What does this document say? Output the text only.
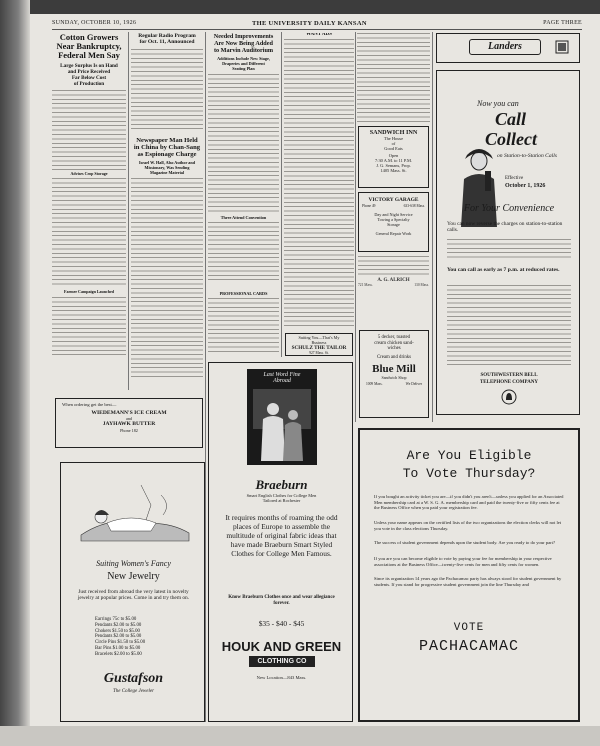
SUNDAY, OCTOBER 10, 1926	THE UNIVERSITY DAILY KANSAN	PAGE THREE
Cotton Growers
Near Bankruptcy,
Federal Men Say
Large Surplus Is on Hand
and Price Received
Far Below Cost
of Production
Advises Crop Storage
Farmer Campaign Launched
Regular Radio Program
for Oct. 11, Announced
Newspaper Man Held
in China by Chan-Sang
as Espionage Charge
Israel W. Hall, Also Author and
Missionary, Was Sending
Magazine Material
Needed Improvements
Are Now Being Added
to Marvin Auditorium
Additions Include New Stage,
Draperies and Different
Seating Plan
Three Attend Convention
PROFESSIONAL CARDS
WANT ADS
Suiting You—That's My
Business
SCHULZ THE TAILOR
927 Mass. St.
SANDWICH INN
The House
of
Good Eats
Open
7:30 A.M. to 11 P.M.
J. G. Semans, Prop.
1405 Mass. St.
VICTORY GARAGE
Phone 49	633-638 Mass.
Day and Night Service
Towing a Specialty
Storage
General Repair Work
A. G. ALRICH
721 Mass.	130 Mass.
5 decker, toasted
cream chicken sand-
wiches
Cream and drinks
Blue Mill
Sandwich Shop
1009 Mass.	We Deliver
Landers
Now you can
Call
Collect
on Station-to-Station Calls
Effective
October 1, 1926
For Your Convenience
You can now reverse the charges on station-to-station calls.
You can call as early as 7 p.m. at reduced rates.
SOUTHWESTERN BELL
TELEPHONE COMPANY
When ordering get the best—
WIEDEMANN'S ICE CREAM
and
JAYHAWK BUTTER
Phone 182
Suiting Women's Fancy
New Jewelry
Just received from abroad the very latest in novelty jewelry at popular prices. Come in and try them on.
Earrings 75c to $5.00
Pendants $2.00 to $5.00
Chokers $1.50 to $5.00
Pendants $2.00 to $5.00
Circle Pins $1.50 to $5.00
Bar Pins $1.00 to $5.00
Bracelets $2.00 to $5.00
Gustafson
The College Jeweler
Last Word Fine
Abroad
Braeburn
Smart English Clothes for College Men
Tailored at Rochester
It requires months of roaming the odd places of Europe to assemble the multitude of original fabric ideas that have made Braeburn Smart Styled Clothes for College Men Famous.
Know Braeburn Clothes once and wear allegiance forever.
$35 - $40 - $45
HOUK AND GREEN
CLOTHING CO
New Location—843 Mass.
Are You Eligible
To Vote Thursday?
If you bought an activity ticket you are—if you didn't you aren't—unless you applied for an Associated Men membership card at a W. S. G. A. membership card and paid the twenty-five or fifty cents fee at the Business Office when you paid your registration fee.
Unless your name appears on the certified lists of the two organizations the election clerks will not let you vote in the class elections Thursday.
The success of student government depends upon the student body. Are you ready to do your part?
If you are you can become eligible to vote by paying your fee for membership in your respective associations at the Business Office—twenty-five cents for men and fifty cents for women.
Since its organization 14 years ago the Pachacamac party has always stood for student government by students. If you stand for progressive student government join the line Thursday and
VOTE
PACHACAMAC
